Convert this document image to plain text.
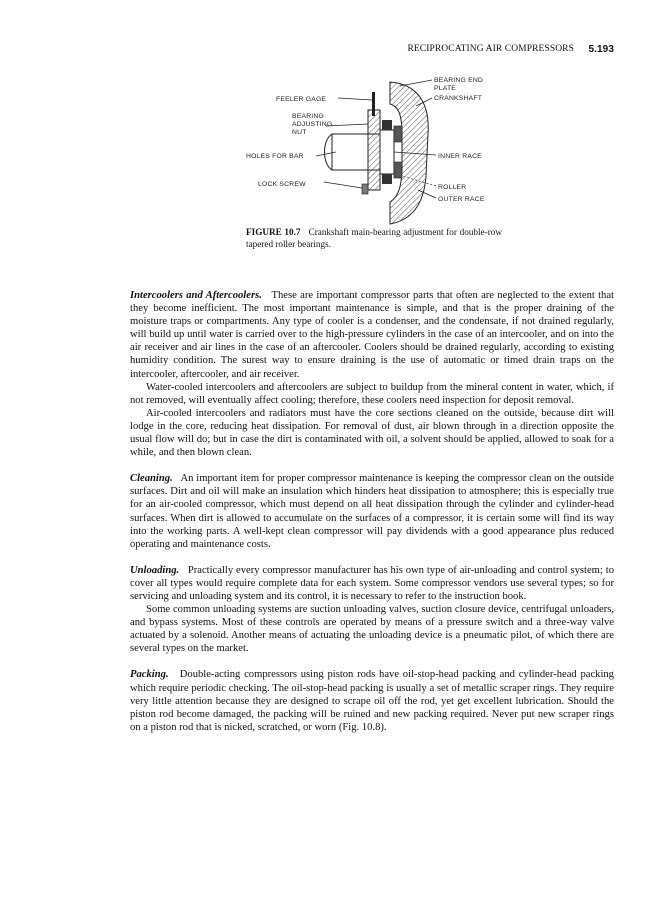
RECIPROCATING AIR COMPRESSORS 5.193
BEARING END
PLATE
CRANKSHAFT
FEELER GAGE
BEARING
ADJUSTING
NUT
HOLES FOR BAR	INNER RACE
LOCK SCREW	ROLLER
OUTER RACE
FIGURE 10.7 Crankshaft main-bearing adjustment for double-row tapered roller bearings.

Intercoolers and Aftercoolers. These are important compressor parts that often are neglected to the extent that they become inefficient. The most important maintenance is simple, and that is the proper draining of the moisture traps or compartments. Any type of cooler is a condenser, and the condensate, if not drained regularly, will build up until water is carried over to the high-pressure cylinders in the case of an intercooler, and on into the air receiver and air lines in the case of an aftercooler. Coolers should be drained regularly, according to existing humidity condition. The surest way to ensure draining is the use of automatic or timed drain traps on the intercooler, aftercooler, and air receiver.

Water-cooled intercoolers and aftercoolers are subject to buildup from the mineral content in water, which, if not removed, will eventually affect cooling; therefore, these coolers need inspection for deposit removal.

Air-cooled intercoolers and radiators must have the core sections cleaned on the outside, because dirt will lodge in the core, reducing heat dissipation. For removal of dust, air blown through in a direction opposite the usual flow will do; but in case the dirt is contaminated with oil, a solvent should be applied, allowed to soak for a while, and then blown clean.

Cleaning. An important item for proper compressor maintenance is keeping the compressor clean on the outside surfaces. Dirt and oil will make an insulation which hinders heat dissipation to atmosphere; this is especially true for an air-cooled compressor, which must depend on all heat dissipation through the cylinder and cylinder-head surfaces. When dirt is allowed to accumulate on the surfaces of a compressor, it is certain some will find its way into the working parts. A well-kept clean compressor will pay dividends with a good appearance plus reduced operating and maintenance costs.

Unloading. Practically every compressor manufacturer has his own type of air-unloading and control system; to cover all types would require complete data for each system. Some compressor vendors use several types; so for servicing and unloading system and its control, it is necessary to refer to the instruction book.

Some common unloading systems are suction unloading valves, suction closure device, centrifugal unloaders, and bypass systems. Most of these controls are operated by means of a pressure switch and a three-way valve actuated by a solenoid. Another means of actuating the unloading device is a pneumatic pilot, of which there are several types on the market.

Packing. Double-acting compressors using piston rods have oil-stop-head packing and cylinder-head packing which require periodic checking. The oil-stop-head packing is usually a set of metallic scraper rings. They require very little attention because they are designed to scrape oil off the rod, yet get excellent lubrication. Should the piston rod become damaged, the packing will be ruined and new packing required. Never put new scraper rings on a piston rod that is nicked, scratched, or worn (Fig. 10.8).
